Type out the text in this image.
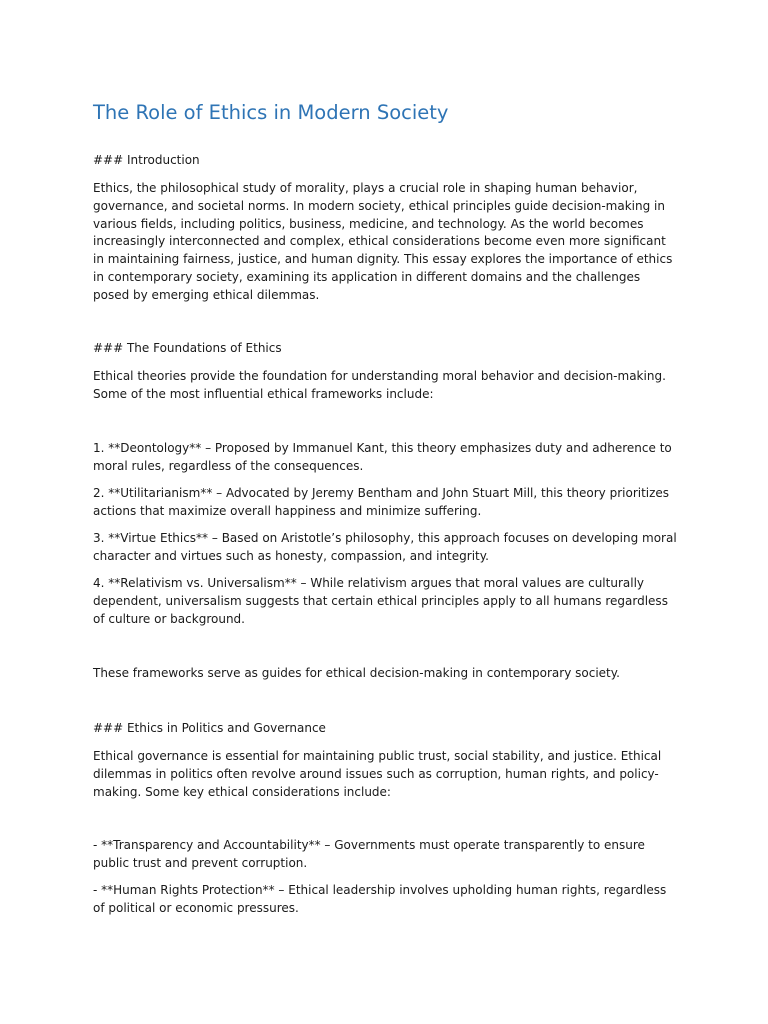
The Role of Ethics in Modern Society

### Introduction

Ethics, the philosophical study of morality, plays a crucial role in shaping human behavior, governance, and societal norms. In modern society, ethical principles guide decision-making in various fields, including politics, business, medicine, and technology. As the world becomes increasingly interconnected and complex, ethical considerations become even more significant in maintaining fairness, justice, and human dignity. This essay explores the importance of ethics in contemporary society, examining its application in different domains and the challenges posed by emerging ethical dilemmas.

### The Foundations of Ethics

Ethical theories provide the foundation for understanding moral behavior and decision-making. Some of the most influential ethical frameworks include:

1. **Deontology** – Proposed by Immanuel Kant, this theory emphasizes duty and adherence to moral rules, regardless of the consequences.

2. **Utilitarianism** – Advocated by Jeremy Bentham and John Stuart Mill, this theory prioritizes actions that maximize overall happiness and minimize suffering.

3. **Virtue Ethics** – Based on Aristotle’s philosophy, this approach focuses on developing moral character and virtues such as honesty, compassion, and integrity.

4. **Relativism vs. Universalism** – While relativism argues that moral values are culturally dependent, universalism suggests that certain ethical principles apply to all humans regardless of culture or background.

These frameworks serve as guides for ethical decision-making in contemporary society.

### Ethics in Politics and Governance

Ethical governance is essential for maintaining public trust, social stability, and justice. Ethical dilemmas in politics often revolve around issues such as corruption, human rights, and policy-making. Some key ethical considerations include:

- **Transparency and Accountability** – Governments must operate transparently to ensure public trust and prevent corruption.

- **Human Rights Protection** – Ethical leadership involves upholding human rights, regardless of political or economic pressures.
